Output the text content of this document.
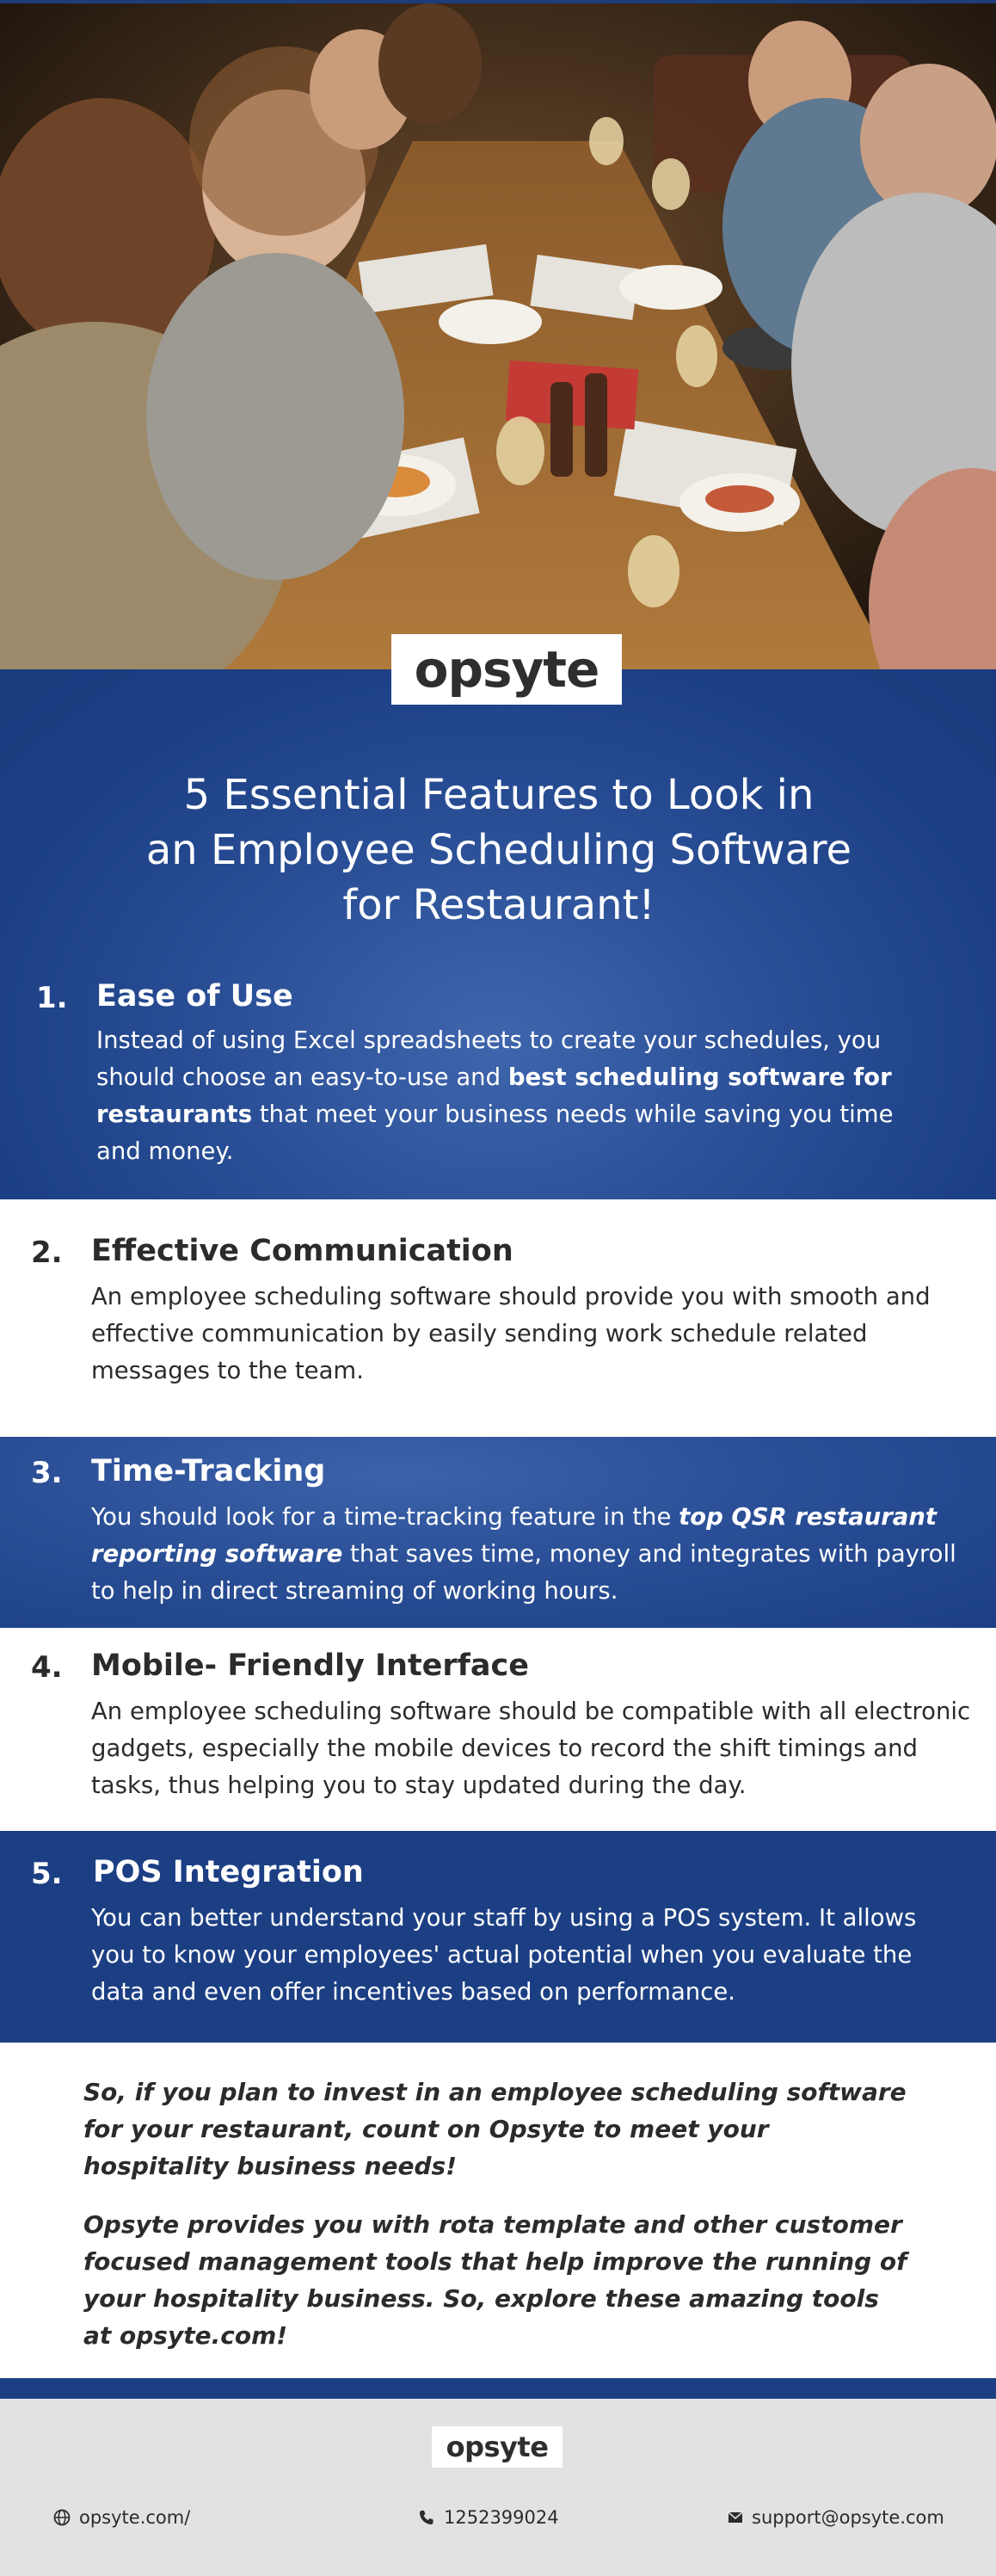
opsyte
5 Essential Features to Look in
an Employee Scheduling Software
for Restaurant!
1. Ease of Use
Instead of using Excel spreadsheets to create your schedules, you should choose an easy-to-use and best scheduling software for restaurants that meet your business needs while saving you time and money.
2. Effective Communication
An employee scheduling software should provide you with smooth and effective communication by easily sending work schedule related messages to the team.
3. Time-Tracking
You should look for a time-tracking feature in the top QSR restaurant reporting software that saves time, money and integrates with payroll to help in direct streaming of working hours.
4. Mobile- Friendly Interface
An employee scheduling software should be compatible with all electronic gadgets, especially the mobile devices to record the shift timings and tasks, thus helping you to stay updated during the day.
5. POS Integration
You can better understand your staff by using a POS system. It allows you to know your employees' actual potential when you evaluate the data and even offer incentives based on performance.
So, if you plan to invest in an employee scheduling software for your restaurant, count on Opsyte to meet your hospitality business needs!
Opsyte provides you with rota template and other customer focused management tools that help improve the running of your hospitality business. So, explore these amazing tools at opsyte.com!
opsyte
opsyte.com/	1252399024	support@opsyte.com
